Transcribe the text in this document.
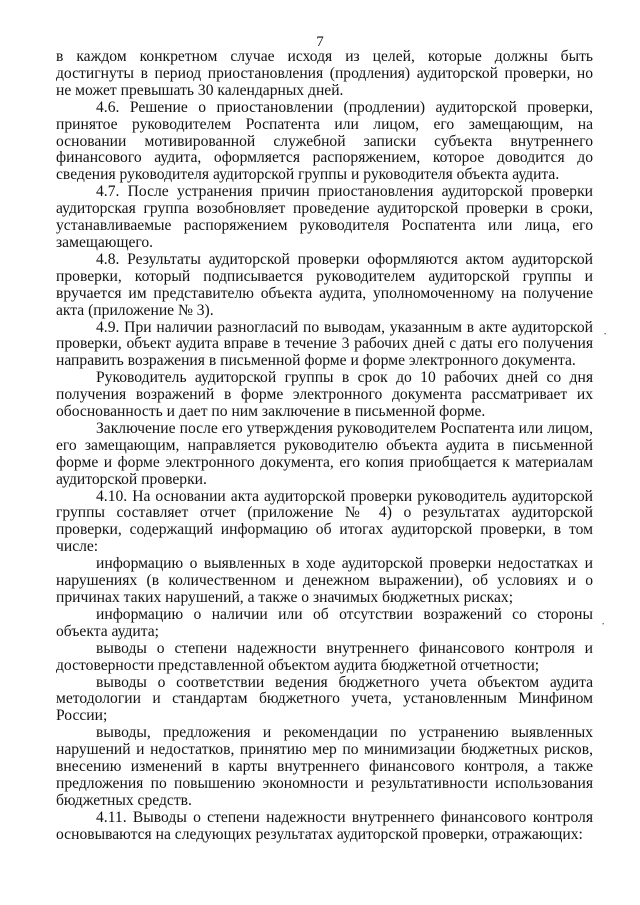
7

в каждом конкретном случае исходя из целей, которые должны быть достигнуты в период приостановления (продления) аудиторской проверки, но не может превышать 30 календарных дней.

4.6. Решение о приостановлении (продлении) аудиторской проверки, принятое руководителем Роспатента или лицом, его замещающим, на основании мотивированной служебной записки субъекта внутреннего финансового аудита, оформляется распоряжением, которое доводится до сведения руководителя аудиторской группы и руководителя объекта аудита.

4.7. После устранения причин приостановления аудиторской проверки аудиторская группа возобновляет проведение аудиторской проверки в сроки, устанавливаемые распоряжением руководителя Роспатента или лица, его замещающего.

4.8. Результаты аудиторской проверки оформляются актом аудиторской проверки, который подписывается руководителем аудиторской группы и вручается им представителю объекта аудита, уполномоченному на получение акта (приложение № 3).

4.9. При наличии разногласий по выводам, указанным в акте аудиторской проверки, объект аудита вправе в течение 3 рабочих дней с даты его получения направить возражения в письменной форме и форме электронного документа.

Руководитель аудиторской группы в срок до 10 рабочих дней со дня получения возражений в форме электронного документа рассматривает их обоснованность и дает по ним заключение в письменной форме.

Заключение после его утверждения руководителем Роспатента или лицом, его замещающим, направляется руководителю объекта аудита в письменной форме и форме электронного документа, его копия приобщается к материалам аудиторской проверки.

4.10. На основании акта аудиторской проверки руководитель аудиторской группы составляет отчет (приложение № 4) о результатах аудиторской проверки, содержащий информацию об итогах аудиторской проверки, в том числе:

информацию о выявленных в ходе аудиторской проверки недостатках и нарушениях (в количественном и денежном выражении), об условиях и о причинах таких нарушений, а также о значимых бюджетных рисках;

информацию о наличии или об отсутствии возражений со стороны объекта аудита;

выводы о степени надежности внутреннего финансового контроля и достоверности представленной объектом аудита бюджетной отчетности;

выводы о соответствии ведения бюджетного учета объектом аудита методологии и стандартам бюджетного учета, установленным Минфином России;

выводы, предложения и рекомендации по устранению выявленных нарушений и недостатков, принятию мер по минимизации бюджетных рисков, внесению изменений в карты внутреннего финансового контроля, а также предложения по повышению экономности и результативности использования бюджетных средств.

4.11. Выводы о степени надежности внутреннего финансового контроля основываются на следующих результатах аудиторской проверки, отражающих:

·
·
